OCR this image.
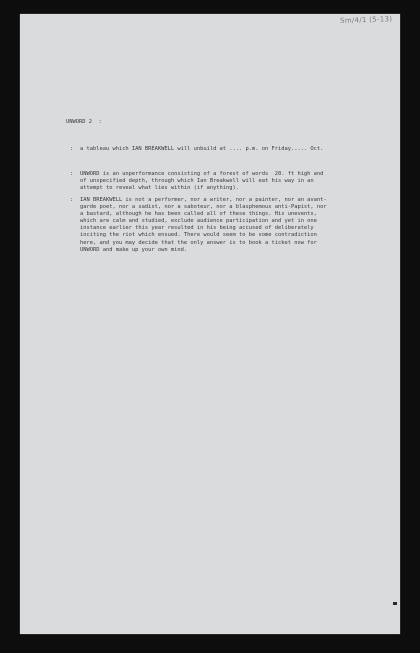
Sm/4/1 (5-13)

UNWORD 2  :

: a tableau which IAN BREAKWELL will unbuild at .... p.m. on Friday..... Oct.

: UNWORD is an unperformance consisting of a forest of words  20. ft high and
of unspecified depth, through which Ian Breakwell will eat his way in an
attempt to reveal what lies within (if anything).

: IAN BREAKWELL is not a performer, nor a writer, nor a painter, nor an avant-
garde poet, nor a sadist, nor a saboteur, nor a blasphemous anti-Papist, nor
a bastard, although he has been called all of these things. His unevents,
which are calm and studied, exclude audience participation and yet in one
instance earlier this year resulted in his being accused of deliberately
inciting the riot which ensued. There would seem to be some contradiction
here, and you may decide that the only answer is to book a ticket now for
UNWORD and make up your own mind.
